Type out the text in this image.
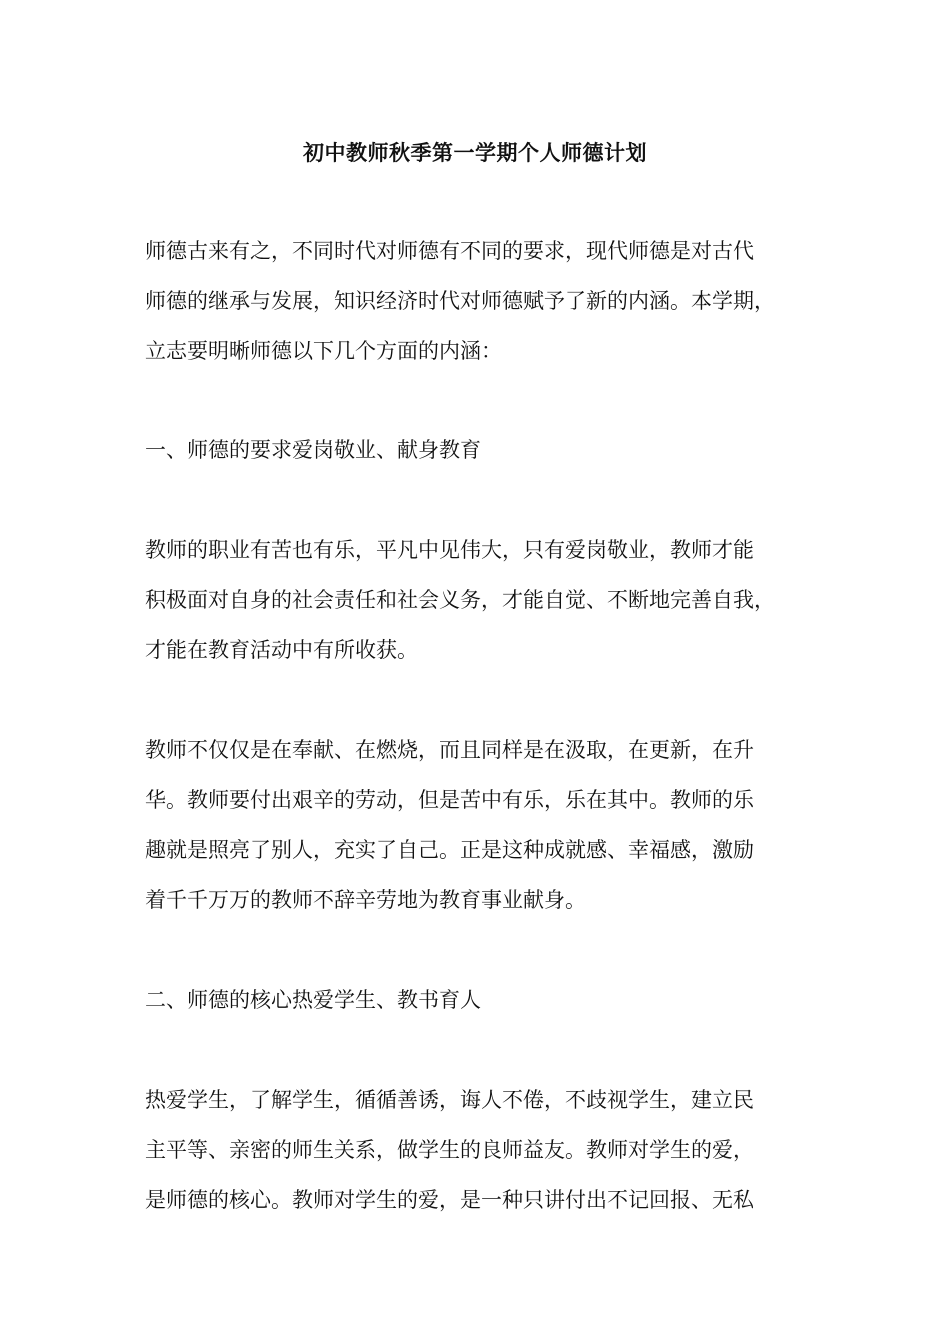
初中教师秋季第一学期个人师德计划
师德古来有之，不同时代对师德有不同的要求，现代师德是对古代
师德的继承与发展，知识经济时代对师德赋予了新的内涵。本学期，
立志要明晰师德以下几个方面的内涵：
一、师德的要求爱岗敬业、献身教育
教师的职业有苦也有乐，平凡中见伟大，只有爱岗敬业，教师才能
积极面对自身的社会责任和社会义务，才能自觉、不断地完善自我，
才能在教育活动中有所收获。
教师不仅仅是在奉献、在燃烧，而且同样是在汲取，在更新，在升
华。教师要付出艰辛的劳动，但是苦中有乐，乐在其中。教师的乐
趣就是照亮了别人，充实了自己。正是这种成就感、幸福感，激励
着千千万万的教师不辞辛劳地为教育事业献身。
二、师德的核心热爱学生、教书育人
热爱学生，了解学生，循循善诱，诲人不倦，不歧视学生，建立民
主平等、亲密的师生关系，做学生的良师益友。教师对学生的爱，
是师德的核心。教师对学生的爱，是一种只讲付出不记回报、无私
